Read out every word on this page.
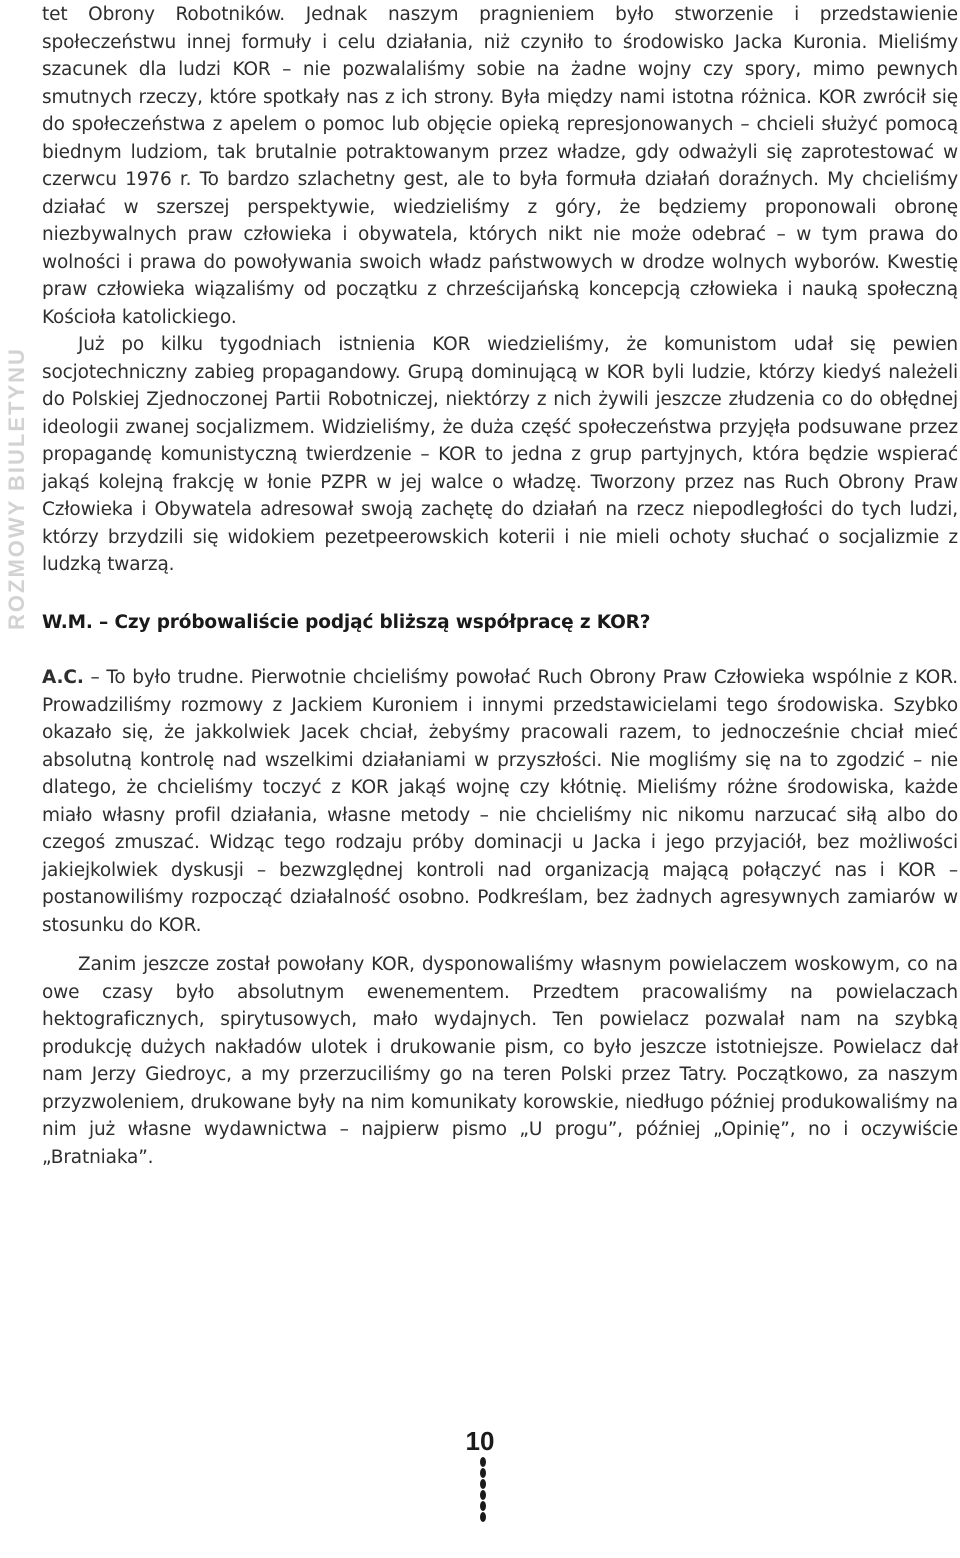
ROZMOWY BIULETYNU

tet Obrony Robotników. Jednak naszym pragnieniem było stworzenie i przedstawienie społeczeństwu innej formuły i celu działania, niż czyniło to środowisko Jacka Kuronia. Mieliśmy szacunek dla ludzi KOR – nie pozwalaliśmy sobie na żadne wojny czy spory, mimo pewnych smutnych rzeczy, które spotkały nas z ich strony. Była między nami istotna różnica. KOR zwrócił się do społeczeństwa z apelem o pomoc lub objęcie opieką represjonowanych – chcieli służyć pomocą biednym ludziom, tak brutalnie potraktowanym przez władze, gdy odważyli się zaprotestować w czerwcu 1976 r. To bardzo szlachetny gest, ale to była formuła działań doraźnych. My chcieliśmy działać w szerszej perspektywie, wiedzieliśmy z góry, że będziemy proponowali obronę niezbywalnych praw człowieka i obywatela, których nikt nie może odebrać – w tym prawa do wolności i prawa do powoływania swoich władz państwowych w drodze wolnych wyborów. Kwestię praw człowieka wiązaliśmy od początku z chrześcijańską koncepcją człowieka i nauką społeczną Kościoła katolickiego.

Już po kilku tygodniach istnienia KOR wiedzieliśmy, że komunistom udał się pewien socjotechniczny zabieg propagandowy. Grupą dominującą w KOR byli ludzie, którzy kiedyś należeli do Polskiej Zjednoczonej Partii Robotniczej, niektórzy z nich żywili jeszcze złudzenia co do obłędnej ideologii zwanej socjalizmem. Widzieliśmy, że duża część społeczeństwa przyjęła podsuwane przez propagandę komunistyczną twierdzenie – KOR to jedna z grup partyjnych, która będzie wspierać jakąś kolejną frakcję w łonie PZPR w jej walce o władzę. Tworzony przez nas Ruch Obrony Praw Człowieka i Obywatela adresował swoją zachętę do działań na rzecz niepodległości do tych ludzi, którzy brzydzili się widokiem pezetpeerowskich koterii i nie mieli ochoty słuchać o socjalizmie z ludzką twarzą.

W.M. – Czy próbowaliście podjąć bliższą współpracę z KOR?

A.C. – To było trudne. Pierwotnie chcieliśmy powołać Ruch Obrony Praw Człowieka wspólnie z KOR. Prowadziliśmy rozmowy z Jackiem Kuroniem i innymi przedstawicielami tego środowiska. Szybko okazało się, że jakkolwiek Jacek chciał, żebyśmy pracowali razem, to jednocześnie chciał mieć absolutną kontrolę nad wszelkimi działaniami w przyszłości. Nie mogliśmy się na to zgodzić – nie dlatego, że chcieliśmy toczyć z KOR jakąś wojnę czy kłótnię. Mieliśmy różne środowiska, każde miało własny profil działania, własne metody – nie chcieliśmy nic nikomu narzucać siłą albo do czegoś zmuszać. Widząc tego rodzaju próby dominacji u Jacka i jego przyjaciół, bez możliwości jakiejkolwiek dyskusji – bezwzględnej kontroli nad organizacją mającą połączyć nas i KOR – postanowiliśmy rozpocząć działalność osobno. Podkreślam, bez żadnych agresywnych zamiarów w stosunku do KOR.

Zanim jeszcze został powołany KOR, dysponowaliśmy własnym powielaczem woskowym, co na owe czasy było absolutnym ewenementem. Przedtem pracowaliśmy na powielaczach hektograficznych, spirytusowych, mało wydajnych. Ten powielacz pozwalał nam na szybką produkcję dużych nakładów ulotek i drukowanie pism, co było jeszcze istotniejsze. Powielacz dał nam Jerzy Giedroyc, a my przerzuciliśmy go na teren Polski przez Tatry. Początkowo, za naszym przyzwoleniem, drukowane były na nim komunikaty korowskie, niedługo później produkowaliśmy na nim już własne wydawnictwa – najpierw pismo „U progu”, później „Opinię”, no i oczywiście „Bratniaka”.

10
